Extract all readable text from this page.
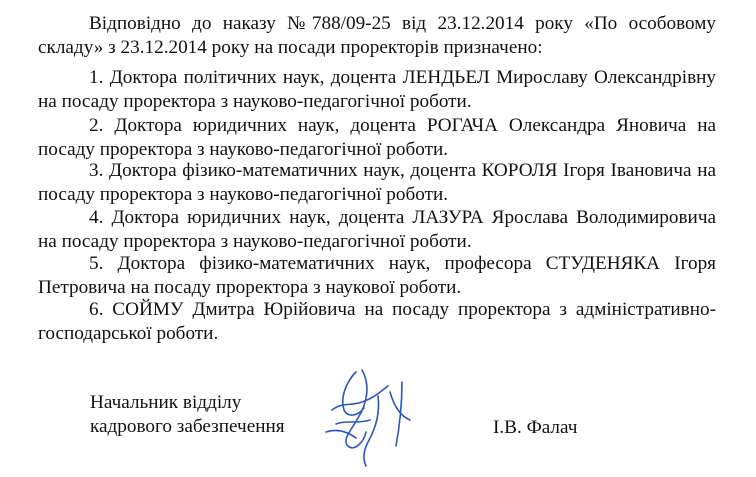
Відповідно до наказу №788/09-25 від 23.12.2014 року «По особовому складу» з 23.12.2014 року на посади проректорів призначено:

1. Доктора політичних наук, доцента ЛЕНДЬЕЛ Мирославу Олександрівну на посаду проректора з науково-педагогічної роботи.

2. Доктора юридичних наук, доцента РОГАЧА Олександра Яновича на посаду проректора з науково-педагогічної роботи.

3. Доктора фізико-математичних наук, доцента КОРОЛЯ Ігоря Івановича на посаду проректора з науково-педагогічної роботи.

4. Доктора юридичних наук, доцента ЛАЗУРА Ярослава Володимировича на посаду проректора з науково-педагогічної роботи.

5. Доктора фізико-математичних наук, професора СТУДЕНЯКА Ігоря Петровича на посаду проректора з наукової роботи.

6. СОЙМУ Дмитра Юрійовича на посаду проректора з адміністративно-господарської роботи.

Начальник відділу
кадрового забезпечення	І.В. Фалач
